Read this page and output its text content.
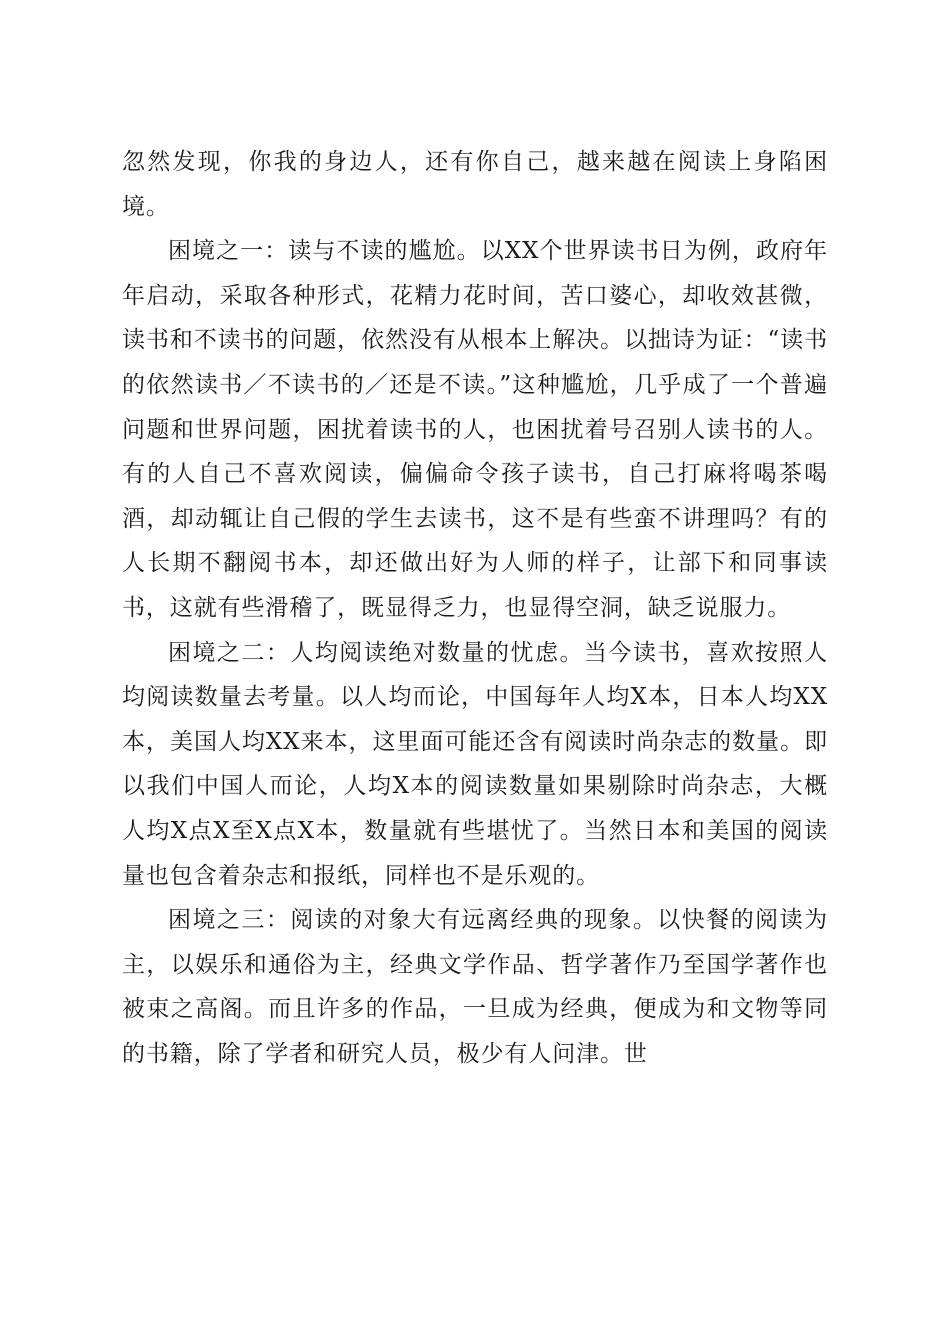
忽然发现，你我的身边人，还有你自己，越来越在阅读上身陷困境。

困境之一：读与不读的尴尬。以XX个世界读书日为例，政府年年启动，采取各种形式，花精力花时间，苦口婆心，却收效甚微，读书和不读书的问题，依然没有从根本上解决。以拙诗为证：“读书的依然读书／不读书的／还是不读。”这种尴尬，几乎成了一个普遍问题和世界问题，困扰着读书的人，也困扰着号召别人读书的人。有的人自己不喜欢阅读，偏偏命令孩子读书，自己打麻将喝茶喝酒，却动辄让自己假的学生去读书，这不是有些蛮不讲理吗？有的人长期不翻阅书本，却还做出好为人师的样子，让部下和同事读书，这就有些滑稽了，既显得乏力，也显得空洞，缺乏说服力。

困境之二：人均阅读绝对数量的忧虑。当今读书，喜欢按照人均阅读数量去考量。以人均而论，中国每年人均X本，日本人均XX本，美国人均XX来本，这里面可能还含有阅读时尚杂志的数量。即以我们中国人而论，人均X本的阅读数量如果剔除时尚杂志，大概人均X点X至X点X本，数量就有些堪忧了。当然日本和美国的阅读量也包含着杂志和报纸，同样也不是乐观的。

困境之三：阅读的对象大有远离经典的现象。以快餐的阅读为主，以娱乐和通俗为主，经典文学作品、哲学著作乃至国学著作也被束之高阁。而且许多的作品，一旦成为经典，便成为和文物等同的书籍，除了学者和研究人员，极少有人问津。世
